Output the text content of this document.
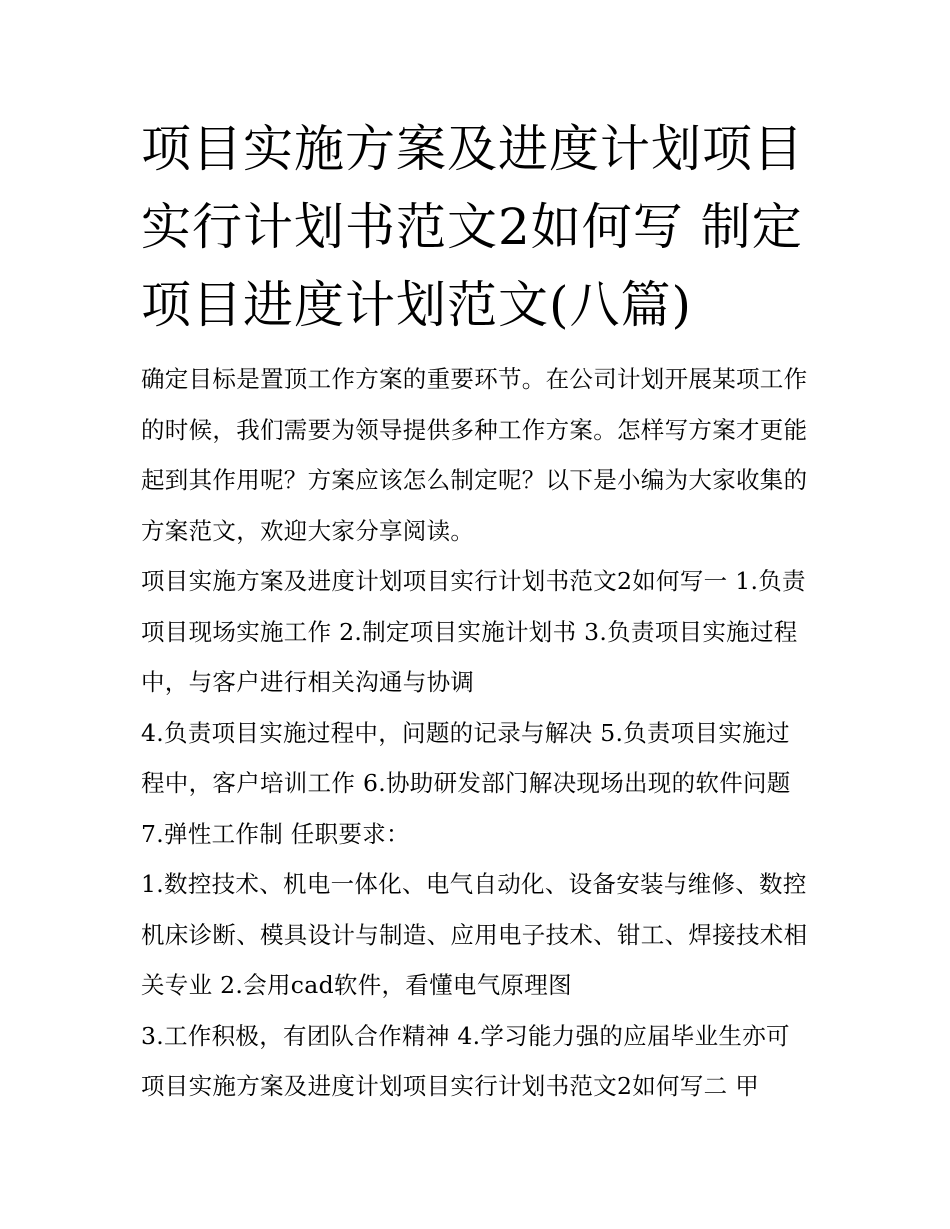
项目实施方案及进度计划项目实行计划书范文2如何写 制定项目进度计划范文(八篇)

确定目标是置顶工作方案的重要环节。在公司计划开展某项工作的时候，我们需要为领导提供多种工作方案。怎样写方案才更能起到其作用呢？方案应该怎么制定呢？以下是小编为大家收集的方案范文，欢迎大家分享阅读。

项目实施方案及进度计划项目实行计划书范文2如何写一 1.负责项目现场实施工作 2.制定项目实施计划书 3.负责项目实施过程中，与客户进行相关沟通与协调

4.负责项目实施过程中，问题的记录与解决 5.负责项目实施过程中，客户培训工作 6.协助研发部门解决现场出现的软件问题 7.弹性工作制 任职要求：

1.数控技术、机电一体化、电气自动化、设备安装与维修、数控机床诊断、模具设计与制造、应用电子技术、钳工、焊接技术相关专业 2.会用cad软件，看懂电气原理图

3.工作积极，有团队合作精神 4.学习能力强的应届毕业生亦可

项目实施方案及进度计划项目实行计划书范文2如何写二 甲
